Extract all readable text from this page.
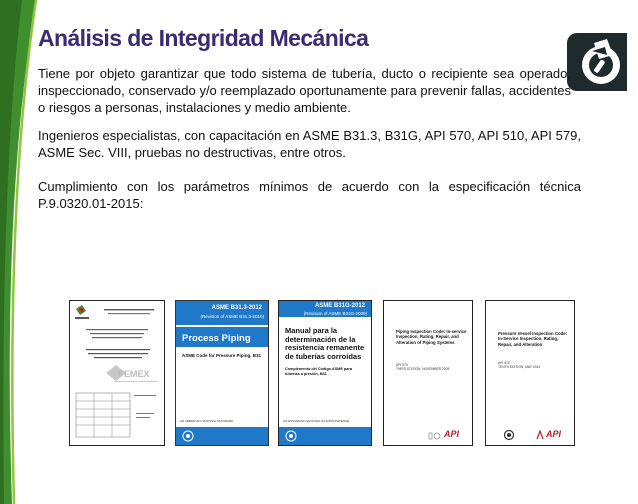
Análisis de Integridad Mecánica

Tiene por objeto garantizar que todo sistema de tubería, ducto o recipiente sea operado, inspeccionado, conservado y/o reemplazado oportunamente para prevenir fallas, accidentes o riesgos a personas, instalaciones y medio ambiente.

Ingenieros especialistas, con capacitación en ASME B31.3, B31G, API 570, API 510, API 579, ASME Sec. VIII, pruebas no destructivas, entre otros.

Cumplimiento con los parámetros mínimos de acuerdo con la especificación técnica P.9.0320.01-2015:

PEMEX
ASME B31.3-2012
(Revision of ASME B31.3-2010)
Process Piping
ASME Code for Pressure Piping, B31
AN AMERICAN NATIONAL STANDARD
ASME B31G-2012
(Revision of ASME B31G-2009)
Manual para la determinación de la resistencia remanente de tuberías corroídas
Complemento del Código ASME para tuberías a presión, B31
UN ESTÁNDAR NACIONAL ESTADOUNIDENSE
Piping Inspection Code: In-service Inspection, Rating, Repair, and Alteration of Piping Systems
API 570
THIRD EDITION, NOVEMBER 2009
API
Pressure Vessel Inspection Code: In-Service Inspection, Rating, Repair, and Alteration
API 510
TENTH EDITION, MAY 2014
API
